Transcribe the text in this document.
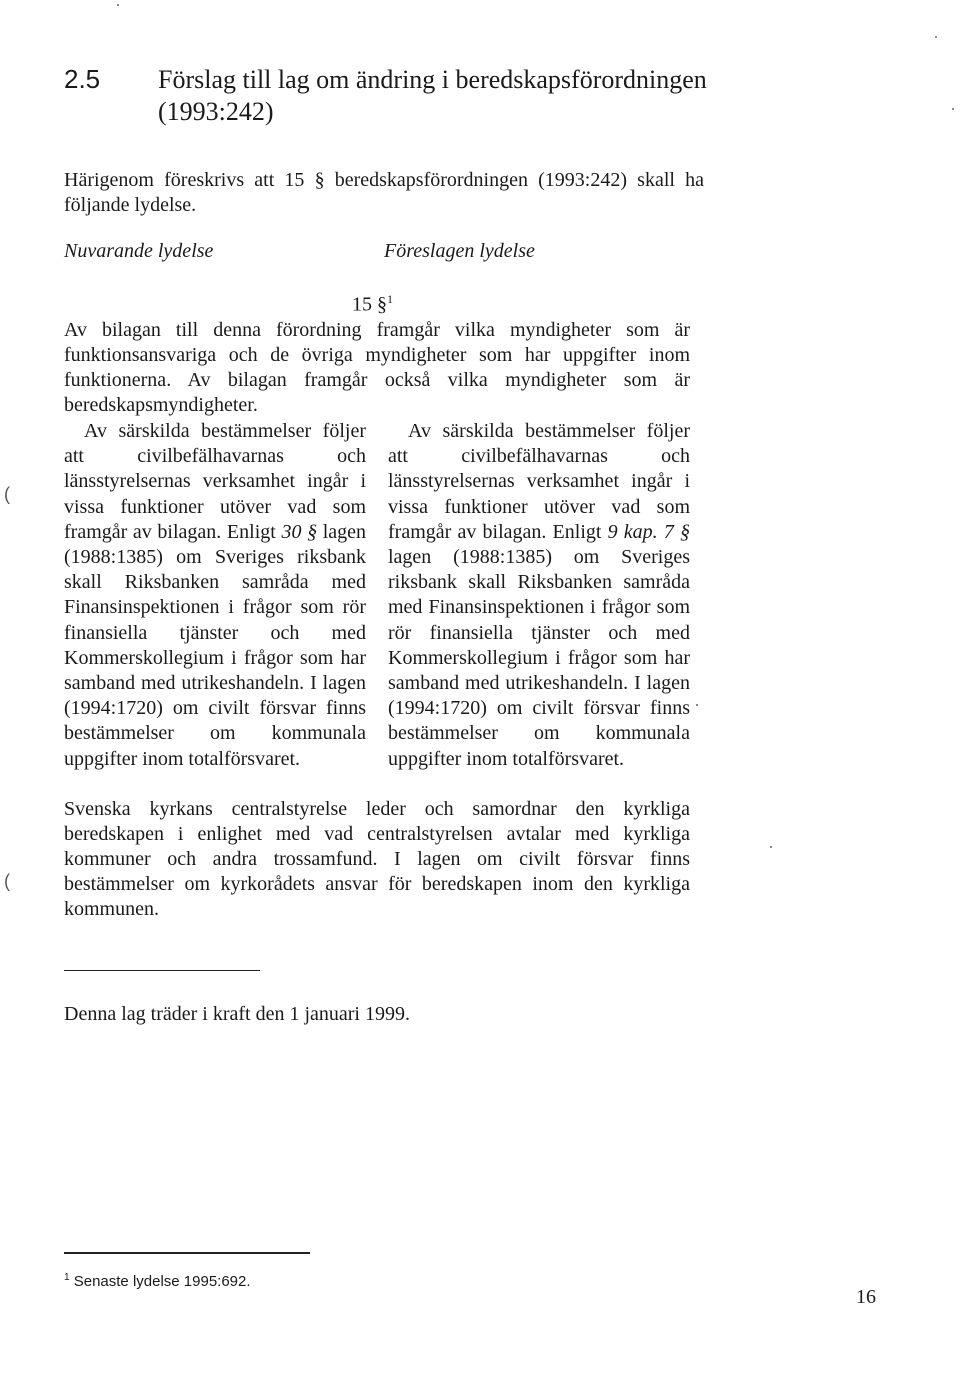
2.5 Förslag till lag om ändring i beredskapsförordningen (1993:242)
Härigenom föreskrivs att 15 § beredskapsförordningen (1993:242) skall ha följande lydelse.
Nuvarande lydelse	Föreslagen lydelse
15 §$^1$
Av bilagan till denna förordning framgår vilka myndigheter som är funktionsansvariga och de övriga myndigheter som har uppgifter inom funktionerna. Av bilagan framgår också vilka myndigheter som är beredskapsmyndigheter.
Av särskilda bestämmelser följer att civilbefälhavarnas och länsstyrelsernas verksamhet ingår i vissa funktioner utöver vad som framgår av bilagan. Enligt 30 § lagen (1988:1385) om Sveriges riksbank skall Riksbanken samråda med Finansinspektionen i frågor som rör finansiella tjänster och med Kommerskollegium i frågor som har samband med utrikeshandeln. I lagen (1994:1720) om civilt försvar finns bestämmelser om kommunala uppgifter inom totalförsvaret.
Av särskilda bestämmelser följer att civilbefälhavarnas och länsstyrelsernas verksamhet ingår i vissa funktioner utöver vad som framgår av bilagan. Enligt 9 kap. 7 § lagen (1988:1385) om Sveriges riksbank skall Riksbanken samråda med Finansinspektionen i frågor som rör finansiella tjänster och med Kommerskollegium i frågor som har samband med utrikeshandeln. I lagen (1994:1720) om civilt försvar finns bestämmelser om kommunala uppgifter inom totalförsvaret.
Svenska kyrkans centralstyrelse leder och samordnar den kyrkliga beredskapen i enlighet med vad centralstyrelsen avtalar med kyrkliga kommuner och andra trossamfund. I lagen om civilt försvar finns bestämmelser om kyrkorådets ansvar för beredskapen inom den kyrkliga kommunen.
Denna lag träder i kraft den 1 januari 1999.
$^1$ Senaste lydelse 1995:692.
16
(
(
